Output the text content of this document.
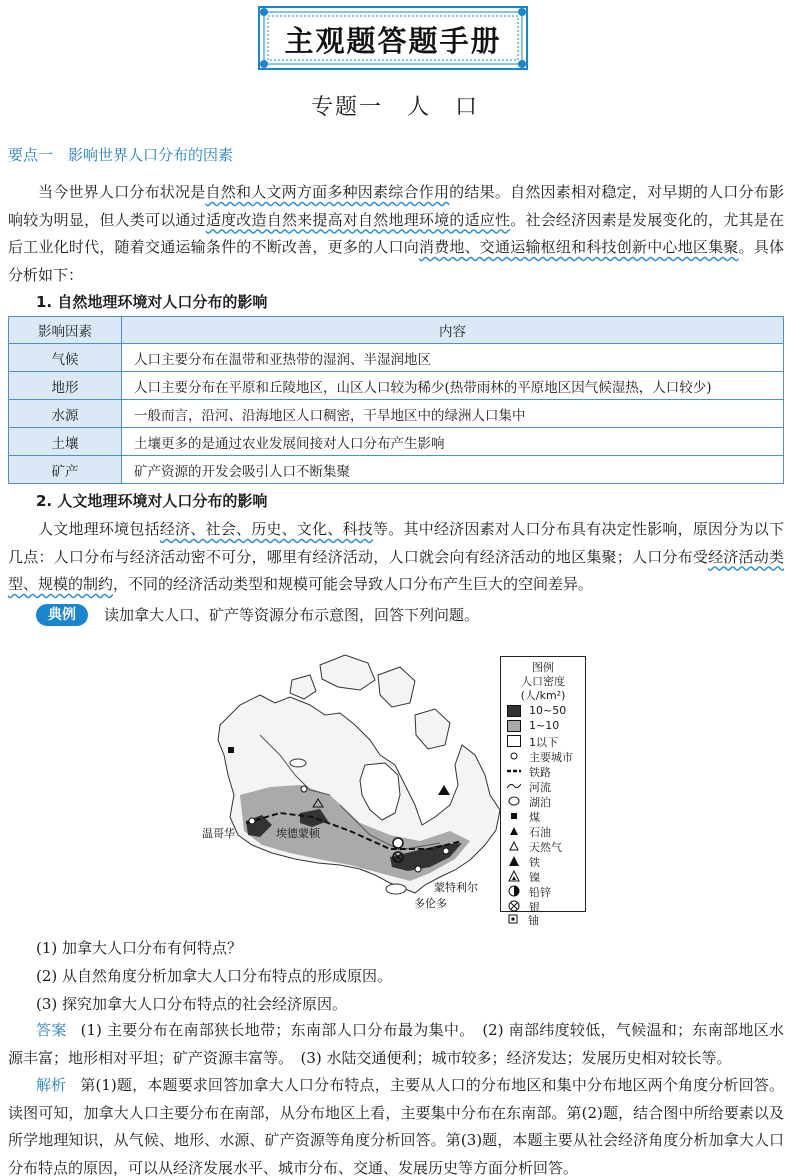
主观题答题手册
专题一　人　口
要点一　影响世界人口分布的因素
当今世界人口分布状况是自然和人文两方面多种因素综合作用的结果。自然因素相对稳定，对早期的人口分布影响较为明显，但人类可以通过适度改造自然来提高对自然地理环境的适应性。社会经济因素是发展变化的，尤其是在后工业化时代，随着交通运输条件的不断改善，更多的人口向消费地、交通运输枢纽和科技创新中心地区集聚。具体分析如下：
1. 自然地理环境对人口分布的影响
影响因素	内容
气候	人口主要分布在温带和亚热带的湿润、半湿润地区
地形	人口主要分布在平原和丘陵地区，山区人口较为稀少(热带雨林的平原地区因气候湿热，人口较少)
水源	一般而言，沿河、沿海地区人口稠密，干旱地区中的绿洲人口集中
土壤	土壤更多的是通过农业发展间接对人口分布产生影响
矿产	矿产资源的开发会吸引人口不断集聚
2. 人文地理环境对人口分布的影响
人文地理环境包括经济、社会、历史、文化、科技等。其中经济因素对人口分布具有决定性影响，原因分为以下几点：人口分布与经济活动密不可分，哪里有经济活动，人口就会向有经济活动的地区集聚；人口分布受经济活动类型、规模的制约，不同的经济活动类型和规模可能会导致人口分布产生巨大的空间差异。
典例	读加拿大人口、矿产等资源分布示意图，回答下列问题。
温哥华	埃德蒙顿
蒙特利尔
多伦多
图例
人口密度
(人/km²)
10~50
1~10
1以下
主要城市
铁路
河流
湖泊
煤
石油
天然气
铁
镍
铅锌
银
铀
(1) 加拿大人口分布有何特点？
(2) 从自然角度分析加拿大人口分布特点的形成原因。
(3) 探究加拿大人口分布特点的社会经济原因。
答案 (1) 主要分布在南部狭长地带；东南部人口分布最为集中。　(2) 南部纬度较低，气候温和；东南部地区水源丰富；地形相对平坦；矿产资源丰富等。　(3) 水陆交通便利；城市较多；经济发达；发展历史相对较长等。
解析 第(1)题，本题要求回答加拿大人口分布特点，主要从人口的分布地区和集中分布地区两个角度分析回答。读图可知，加拿大人口主要分布在南部，从分布地区上看，主要集中分布在东南部。第(2)题，结合图中所给要素以及所学地理知识，从气候、地形、水源、矿产资源等角度分析回答。第(3)题，本题主要从社会经济角度分析加拿大人口分布特点的原因，可以从经济发展水平、城市分布、交通、发展历史等方面分析回答。
